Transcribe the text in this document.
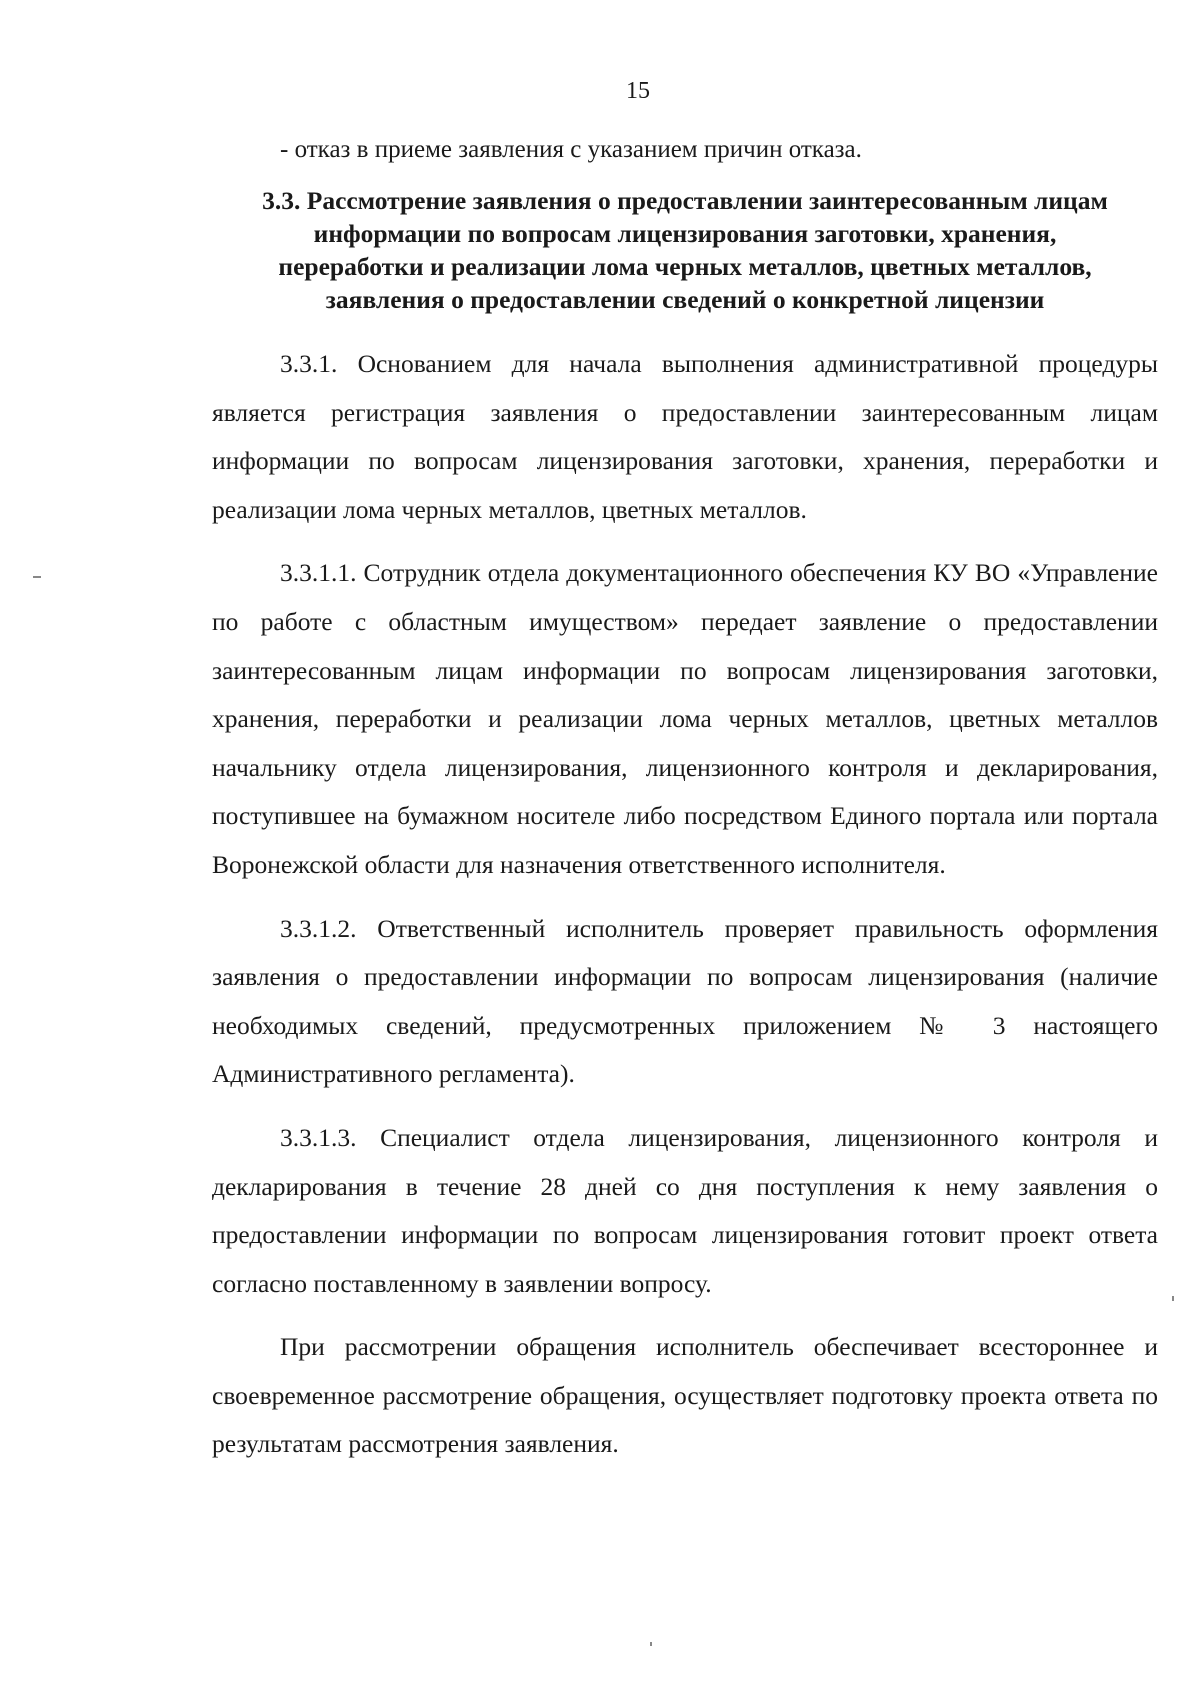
15
- отказ в приеме заявления с указанием причин отказа.
3.3. Рассмотрение заявления о предоставлении заинтересованным лицам
информации по вопросам лицензирования заготовки, хранения,
переработки и реализации лома черных металлов, цветных металлов,
заявления о предоставлении сведений о конкретной лицензии

3.3.1. Основанием для начала выполнения административной процедуры является регистрация заявления о предоставлении заинтересованным лицам информации по вопросам лицензирования заготовки, хранения, переработки и реализации лома черных металлов, цветных металлов.

3.3.1.1. Сотрудник отдела документационного обеспечения КУ ВО «Управление по работе с областным имуществом» передает заявление о предоставлении заинтересованным лицам информации по вопросам лицензирования заготовки, хранения, переработки и реализации лома черных металлов, цветных металлов начальнику отдела лицензирования, лицензионного контроля и декларирования, поступившее на бумажном носителе либо посредством Единого портала или портала Воронежской области для назначения ответственного исполнителя.

3.3.1.2. Ответственный исполнитель проверяет правильность оформления заявления о предоставлении информации по вопросам лицензирования (наличие необходимых сведений, предусмотренных приложением № 3 настоящего Административного регламента).

3.3.1.3. Специалист отдела лицензирования, лицензионного контроля и декларирования в течение 28 дней со дня поступления к нему заявления о предоставлении информации по вопросам лицензирования готовит проект ответа согласно поставленному в заявлении вопросу.

При рассмотрении обращения исполнитель обеспечивает всестороннее и своевременное рассмотрение обращения, осуществляет подготовку проекта ответа по результатам рассмотрения заявления.
